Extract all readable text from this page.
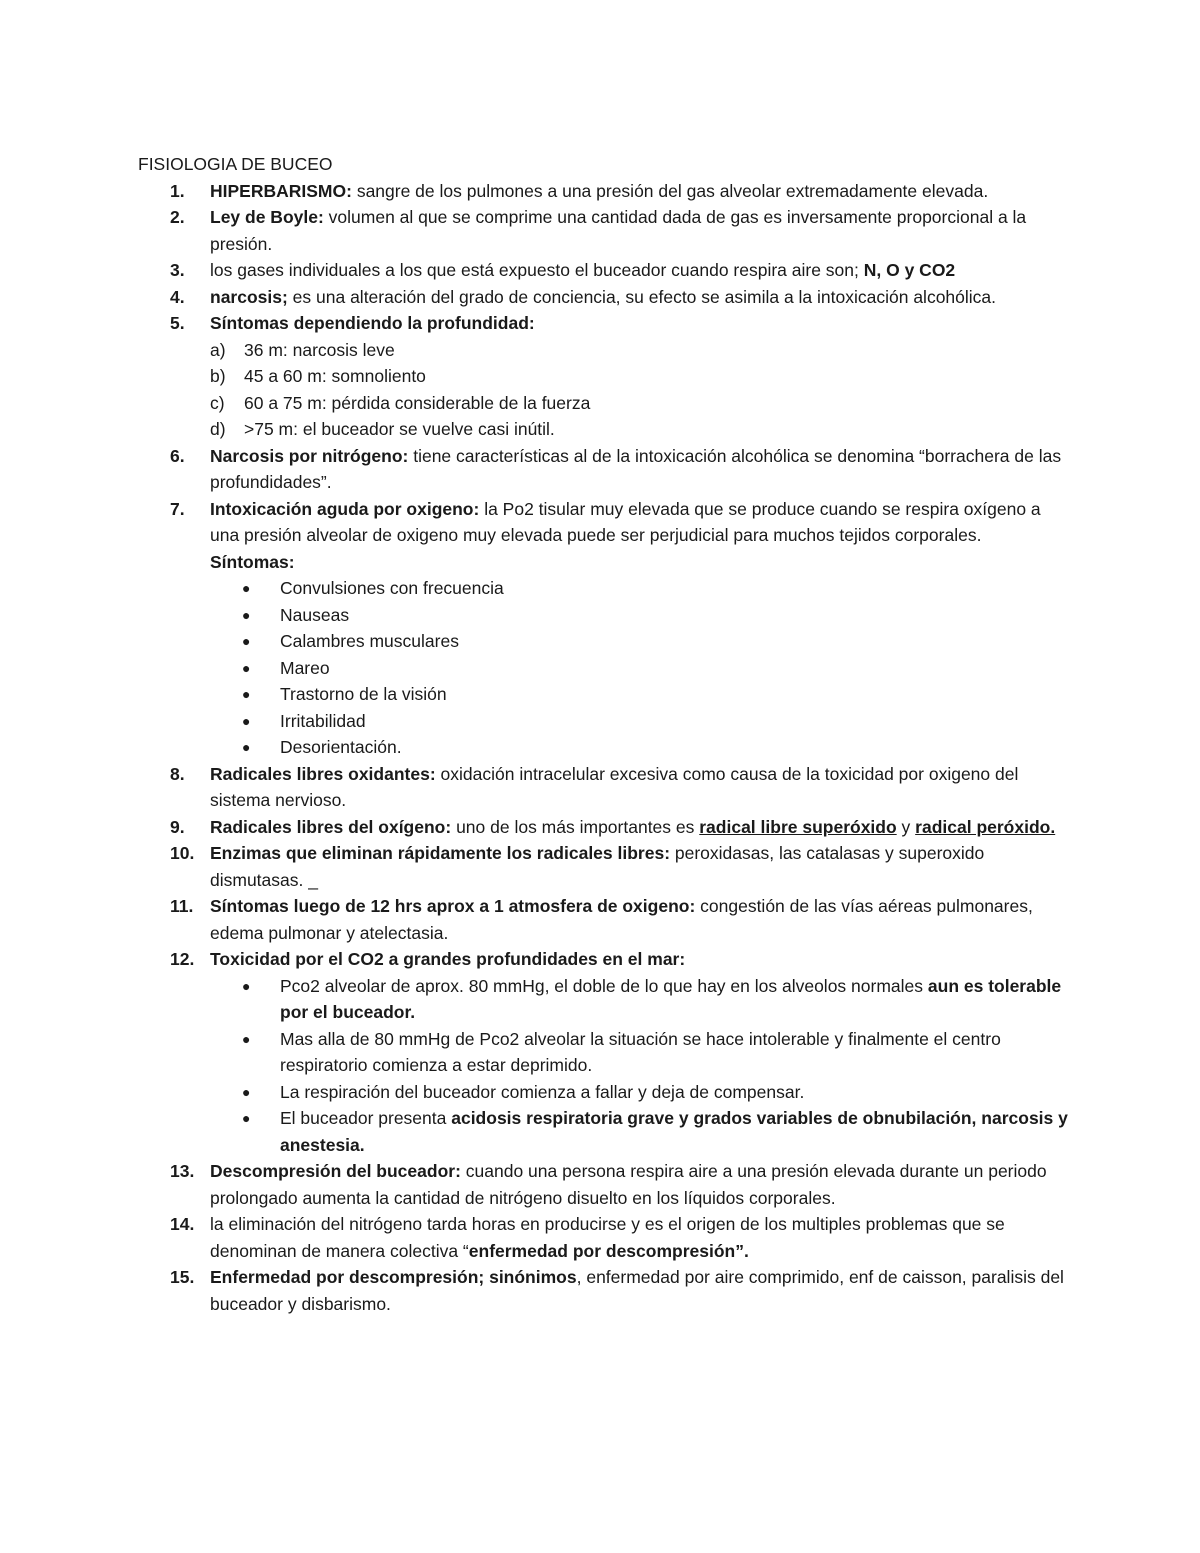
FISIOLOGIA DE BUCEO
1. HIPERBARISMO: sangre de los pulmones a una presión del gas alveolar extremadamente elevada.
2. Ley de Boyle: volumen al que se comprime una cantidad dada de gas es inversamente proporcional a la presión.
3. los gases individuales a los que está expuesto el buceador cuando respira aire son; N, O y CO2
4. narcosis; es una alteración del grado de conciencia, su efecto se asimila a la intoxicación alcohólica.
5. Síntomas dependiendo la profundidad:
a) 36 m: narcosis leve
b) 45 a 60 m: somnoliento
c) 60 a 75 m: pérdida considerable de la fuerza
d) >75 m: el buceador se vuelve casi inútil.
6. Narcosis por nitrógeno: tiene características al de la intoxicación alcohólica se denomina “borrachera de las profundidades”.
7. Intoxicación aguda por oxigeno: la Po2 tisular muy elevada que se produce cuando se respira oxígeno a una presión alveolar de oxigeno muy elevada puede ser perjudicial para muchos tejidos corporales. Síntomas:
● Convulsiones con frecuencia
● Nauseas
● Calambres musculares
● Mareo
● Trastorno de la visión
● Irritabilidad
● Desorientación.
8. Radicales libres oxidantes: oxidación intracelular excesiva como causa de la toxicidad por oxigeno del sistema nervioso.
9. Radicales libres del oxígeno: uno de los más importantes es radical libre superóxido y radical peróxido.
10. Enzimas que eliminan rápidamente los radicales libres: peroxidasas, las catalasas y superoxido dismutasas. _
11. Síntomas luego de 12 hrs aprox a 1 atmosfera de oxigeno: congestión de las vías aéreas pulmonares, edema pulmonar y atelectasia.
12. Toxicidad por el CO2 a grandes profundidades en el mar:
● Pco2 alveolar de aprox. 80 mmHg, el doble de lo que hay en los alveolos normales aun es tolerable por el buceador.
● Mas alla de 80 mmHg de Pco2 alveolar la situación se hace intolerable y finalmente el centro respiratorio comienza a estar deprimido.
● La respiración del buceador comienza a fallar y deja de compensar.
● El buceador presenta acidosis respiratoria grave y grados variables de obnubilación, narcosis y anestesia.
13. Descompresión del buceador: cuando una persona respira aire a una presión elevada durante un periodo prolongado aumenta la cantidad de nitrógeno disuelto en los líquidos corporales.
14. la eliminación del nitrógeno tarda horas en producirse y es el origen de los multiples problemas que se denominan de manera colectiva “enfermedad por descompresión”.
15. Enfermedad por descompresión; sinónimos, enfermedad por aire comprimido, enf de caisson, paralisis del buceador y disbarismo.
